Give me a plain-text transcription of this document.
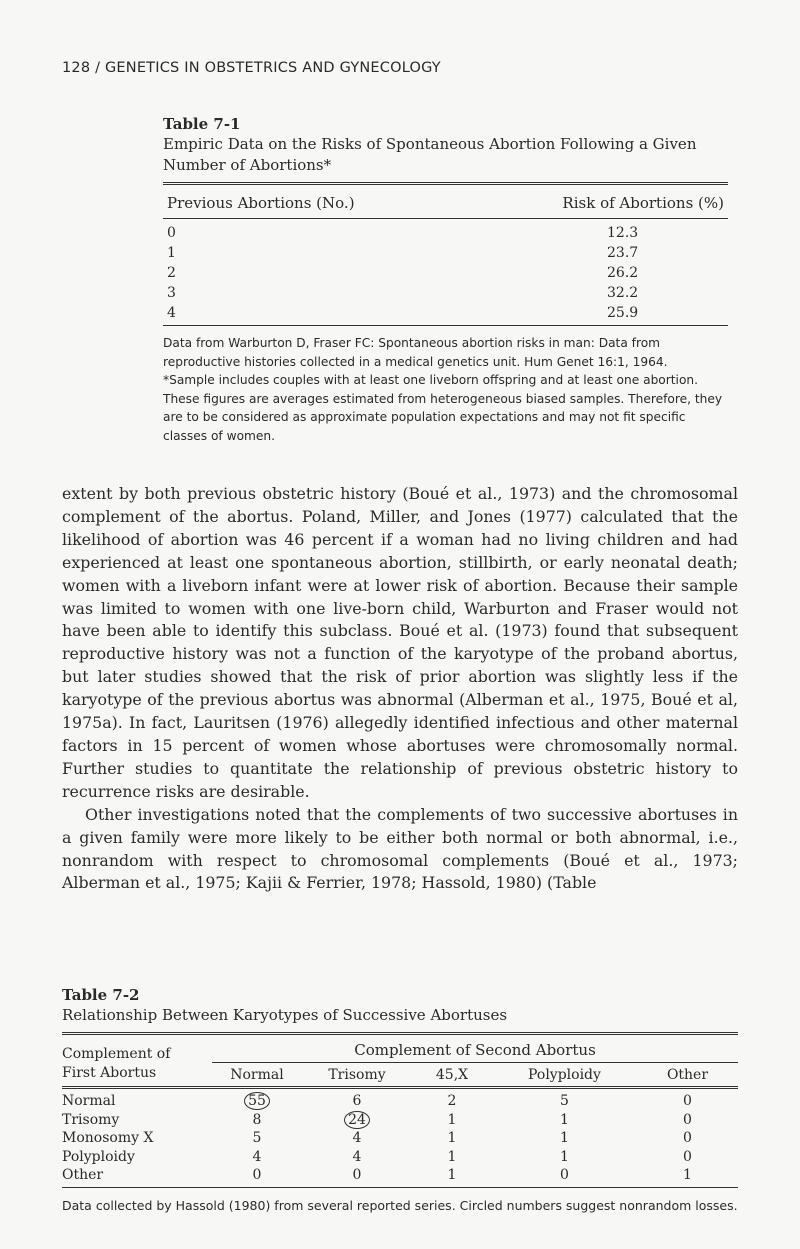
128 / GENETICS IN OBSTETRICS AND GYNECOLOGY
Table 7-1
Empiric Data on the Risks of Spontaneous Abortion Following a Given Number of Abortions*
Previous Abortions (No.)	Risk of Abortions (%)
0	12.3
1	23.7
2	26.2
3	32.2
4	25.9
Data from Warburton D, Fraser FC: Spontaneous abortion risks in man: Data from reproductive histories collected in a medical genetics unit. Hum Genet 16:1, 1964.
*Sample includes couples with at least one liveborn offspring and at least one abortion. These figures are averages estimated from heterogeneous biased samples. Therefore, they are to be considered as approximate population expectations and may not fit specific classes of women.

extent by both previous obstetric history (Boué et al., 1973) and the chromosomal complement of the abortus. Poland, Miller, and Jones (1977) calculated that the likelihood of abortion was 46 percent if a woman had no living children and had experienced at least one spontaneous abortion, stillbirth, or early neonatal death; women with a liveborn infant were at lower risk of abortion. Because their sample was limited to women with one live-born child, Warburton and Fraser would not have been able to identify this subclass. Boué et al. (1973) found that subsequent reproductive history was not a function of the karyotype of the proband abortus, but later studies showed that the risk of prior abortion was slightly less if the karyotype of the previous abortus was abnormal (Alberman et al., 1975, Boué et al, 1975a). In fact, Lauritsen (1976) allegedly identified infectious and other maternal factors in 15 percent of women whose abortuses were chromosomally normal. Further studies to quantitate the relationship of previous obstetric history to recurrence risks are desirable.

Other investigations noted that the complements of two successive abortuses in a given family were more likely to be either both normal or both abnormal, i.e., nonrandom with respect to chromosomal complements (Boué et al., 1973; Alberman et al., 1975; Kajii & Ferrier, 1978; Hassold, 1980) (Table

Table 7-2
Relationship Between Karyotypes of Successive Abortuses
Complement of
First Abortus
Complement of Second Abortus
Normal	Trisomy	45,X	Polyploidy	Other
Normal	55	6	2	5	0
Trisomy	8	24	1	1	0
Monosomy X	5	4	1	1	0
Polyploidy	4	4	1	1	0
Other	0	0	1	0	1
Data collected by Hassold (1980) from several reported series. Circled numbers suggest nonrandom losses.
